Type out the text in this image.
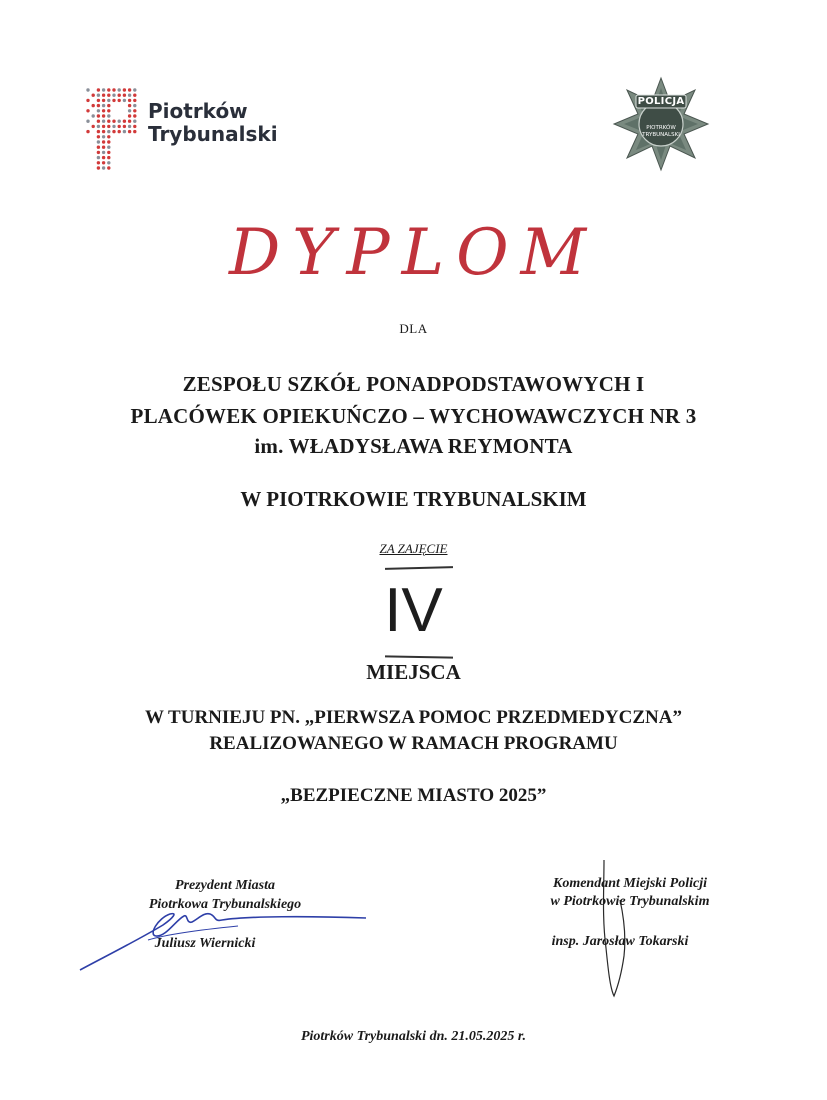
Piotrków
Trybunalski
POLICJA
PIOTRKÓW
TRYBUNALSKI
DYPLOM
DLA
ZESPOŁU SZKÓŁ PONADPODSTAWOWYCH I
PLACÓWEK OPIEKUŃCZO – WYCHOWAWCZYCH NR 3
im. WŁADYSŁAWA REYMONTA
W PIOTRKOWIE TRYBUNALSKIM
ZA ZAJĘCIE
IV
MIEJSCA
W TURNIEJU PN. „PIERWSZA POMOC PRZEDMEDYCZNA”
REALIZOWANEGO W RAMACH PROGRAMU
„BEZPIECZNE MIASTO 2025”
Prezydent Miasta
Piotrkowa Trybunalskiego
Juliusz Wiernicki
Komendant Miejski Policji
w Piotrkowie Trybunalskim
insp. Jarosław Tokarski
Piotrków Trybunalski dn. 21.05.2025 r.
